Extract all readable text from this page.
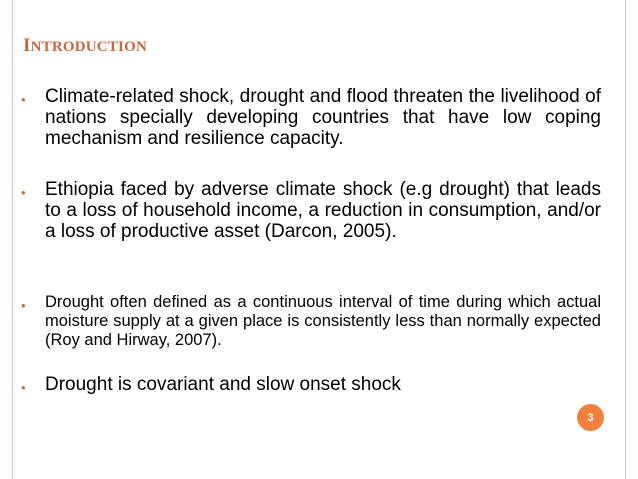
INTRODUCTION
•	Climate-related shock, drought and flood threaten the livelihood of nations specially developing countries that have low coping mechanism and resilience capacity.
•	Ethiopia faced by adverse climate shock (e.g drought) that leads to a loss of household income, a reduction in consumption, and/or a loss of productive asset (Darcon, 2005).
•	Drought often defined as a continuous interval of time during which actual moisture supply at a given place is consistently less than normally expected (Roy and Hirway, 2007).
•	Drought is covariant and slow onset shock
3
